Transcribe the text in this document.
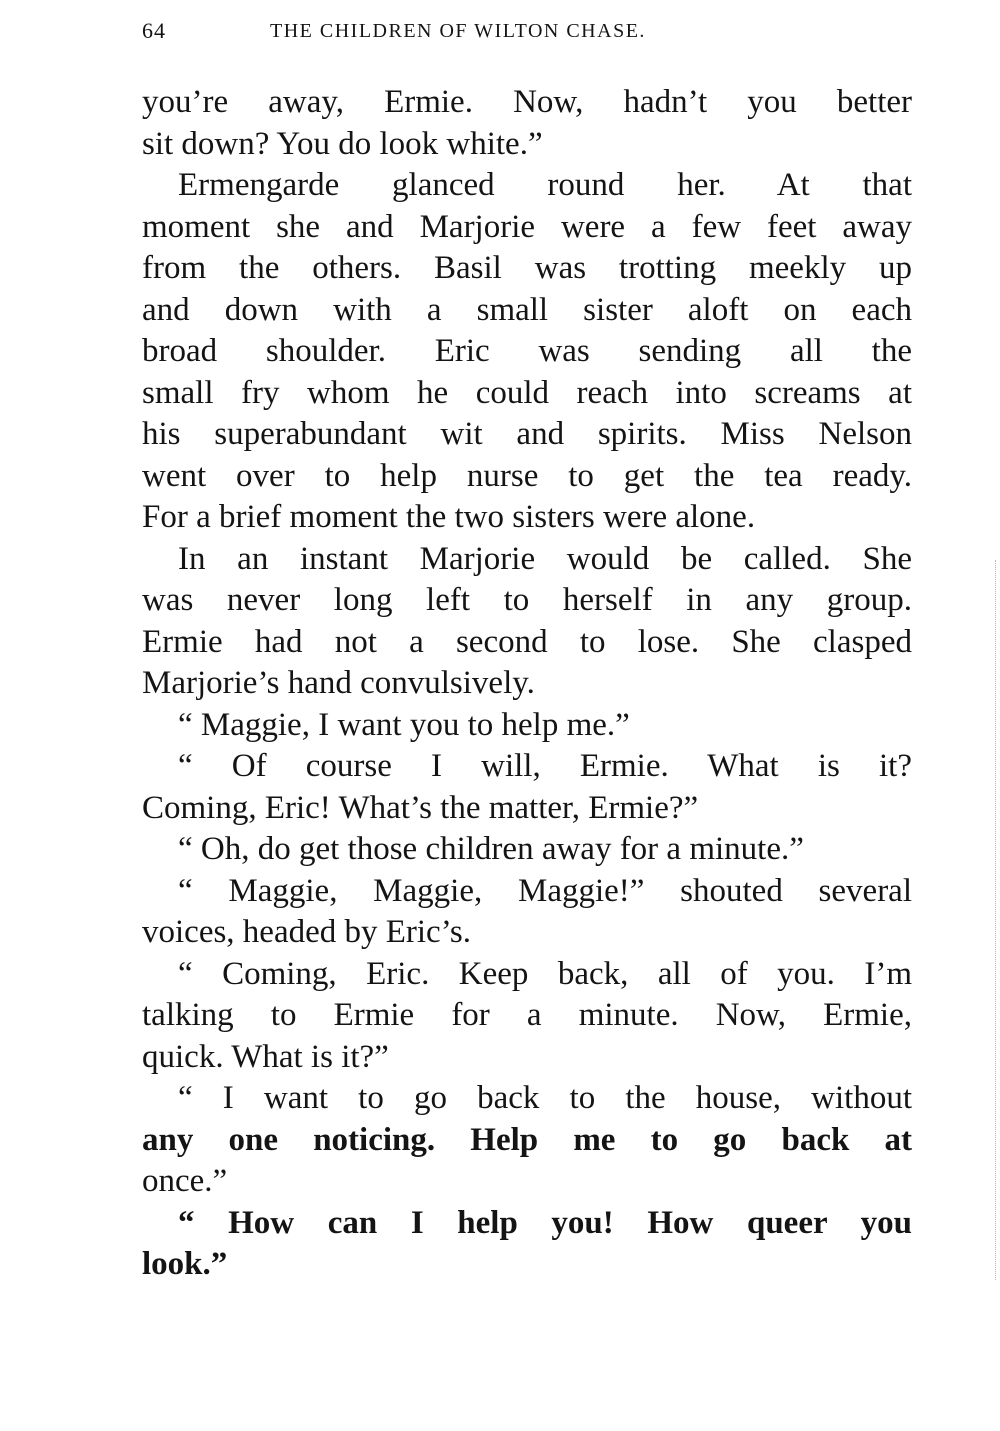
64	THE CHILDREN OF WILTON CHASE.
you’re away, Ermie. Now, hadn’t you better
sit down? You do look white.”
Ermengarde glanced round her. At that
moment she and Marjorie were a few feet away
from the others. Basil was trotting meekly up
and down with a small sister aloft on each
broad shoulder. Eric was sending all the
small fry whom he could reach into screams at
his superabundant wit and spirits. Miss Nelson
went over to help nurse to get the tea ready.
For a brief moment the two sisters were alone.
In an instant Marjorie would be called. She
was never long left to herself in any group.
Ermie had not a second to lose. She clasped
Marjorie’s hand convulsively.
“ Maggie, I want you to help me.”
“ Of course I will, Ermie. What is it?
Coming, Eric! What’s the matter, Ermie?”
“ Oh, do get those children away for a minute.”
“ Maggie, Maggie, Maggie!” shouted several
voices, headed by Eric’s.
“ Coming, Eric. Keep back, all of you. I’m
talking to Ermie for a minute. Now, Ermie,
quick. What is it?”
“ I want to go back to the house, without
any one noticing. Help me to go back at
once.”
“ How can I help you! How queer you
look.”
